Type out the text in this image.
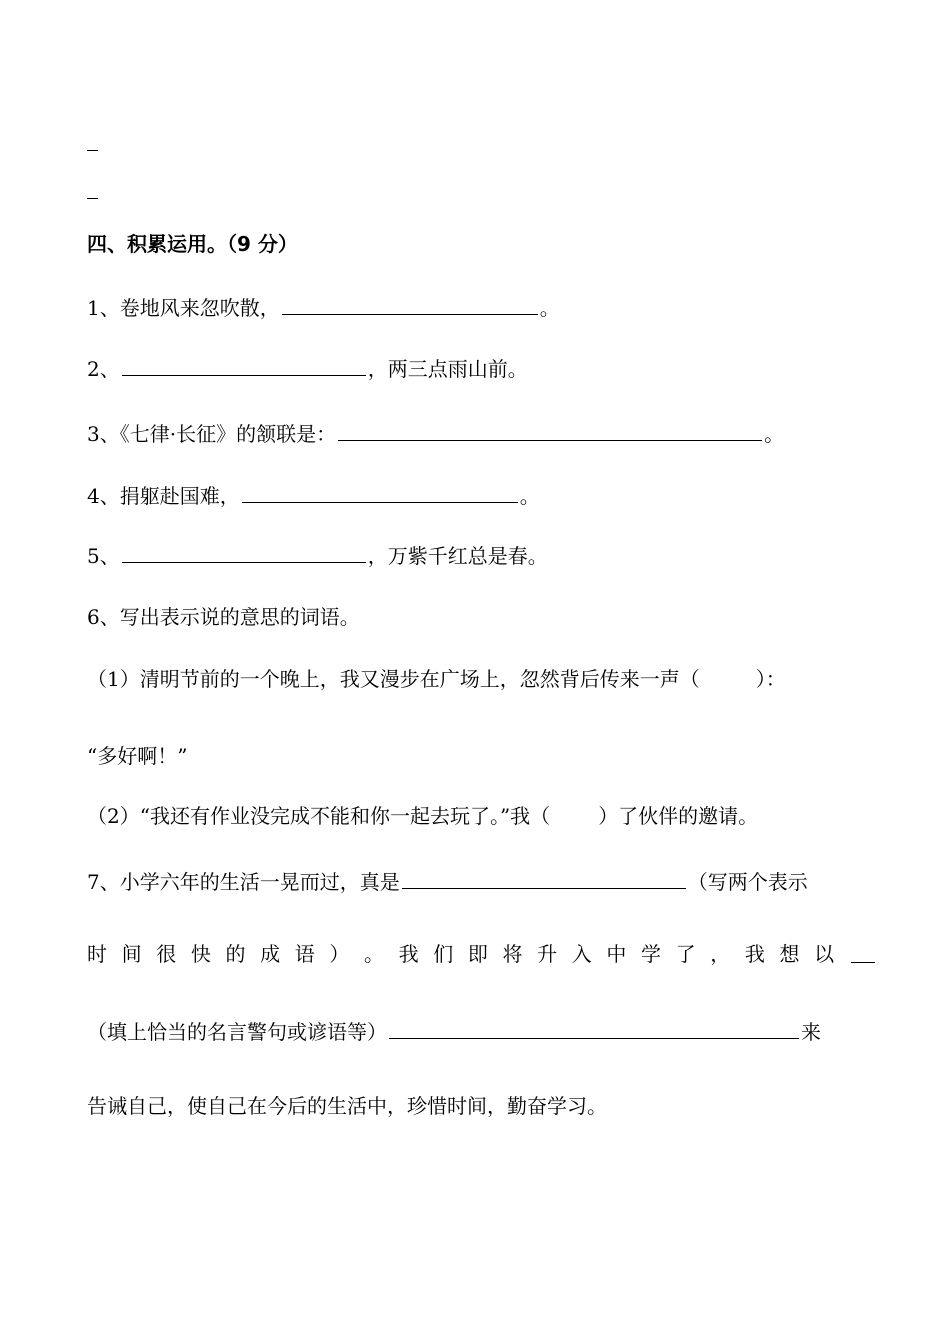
四、积累运用。（9 分）
1、卷地风来忽吹散，	。
2、	，两三点雨山前。
3、《七律·长征》的颔联是：	。
4、捐躯赴国难，	。
5、	，万紫千红总是春。
6、写出表示说的意思的词语。
（1）清明节前的一个晚上，我又漫步在广场上，忽然背后传来一声（	）：
“多好啊！”
（2）“我还有作业没完成不能和你一起去玩了。”我（ ）了伙伴的邀请。
7、小学六年的生活一晃而过，真是	（写两个表示
时 间 很 快 的 成 语 ） 。 我 们 即 将 升 入 中 学 了 ， 我 想 以
（填上恰当的名言警句或谚语等）	来
告诫自己，使自己在今后的生活中，珍惜时间，勤奋学习。
